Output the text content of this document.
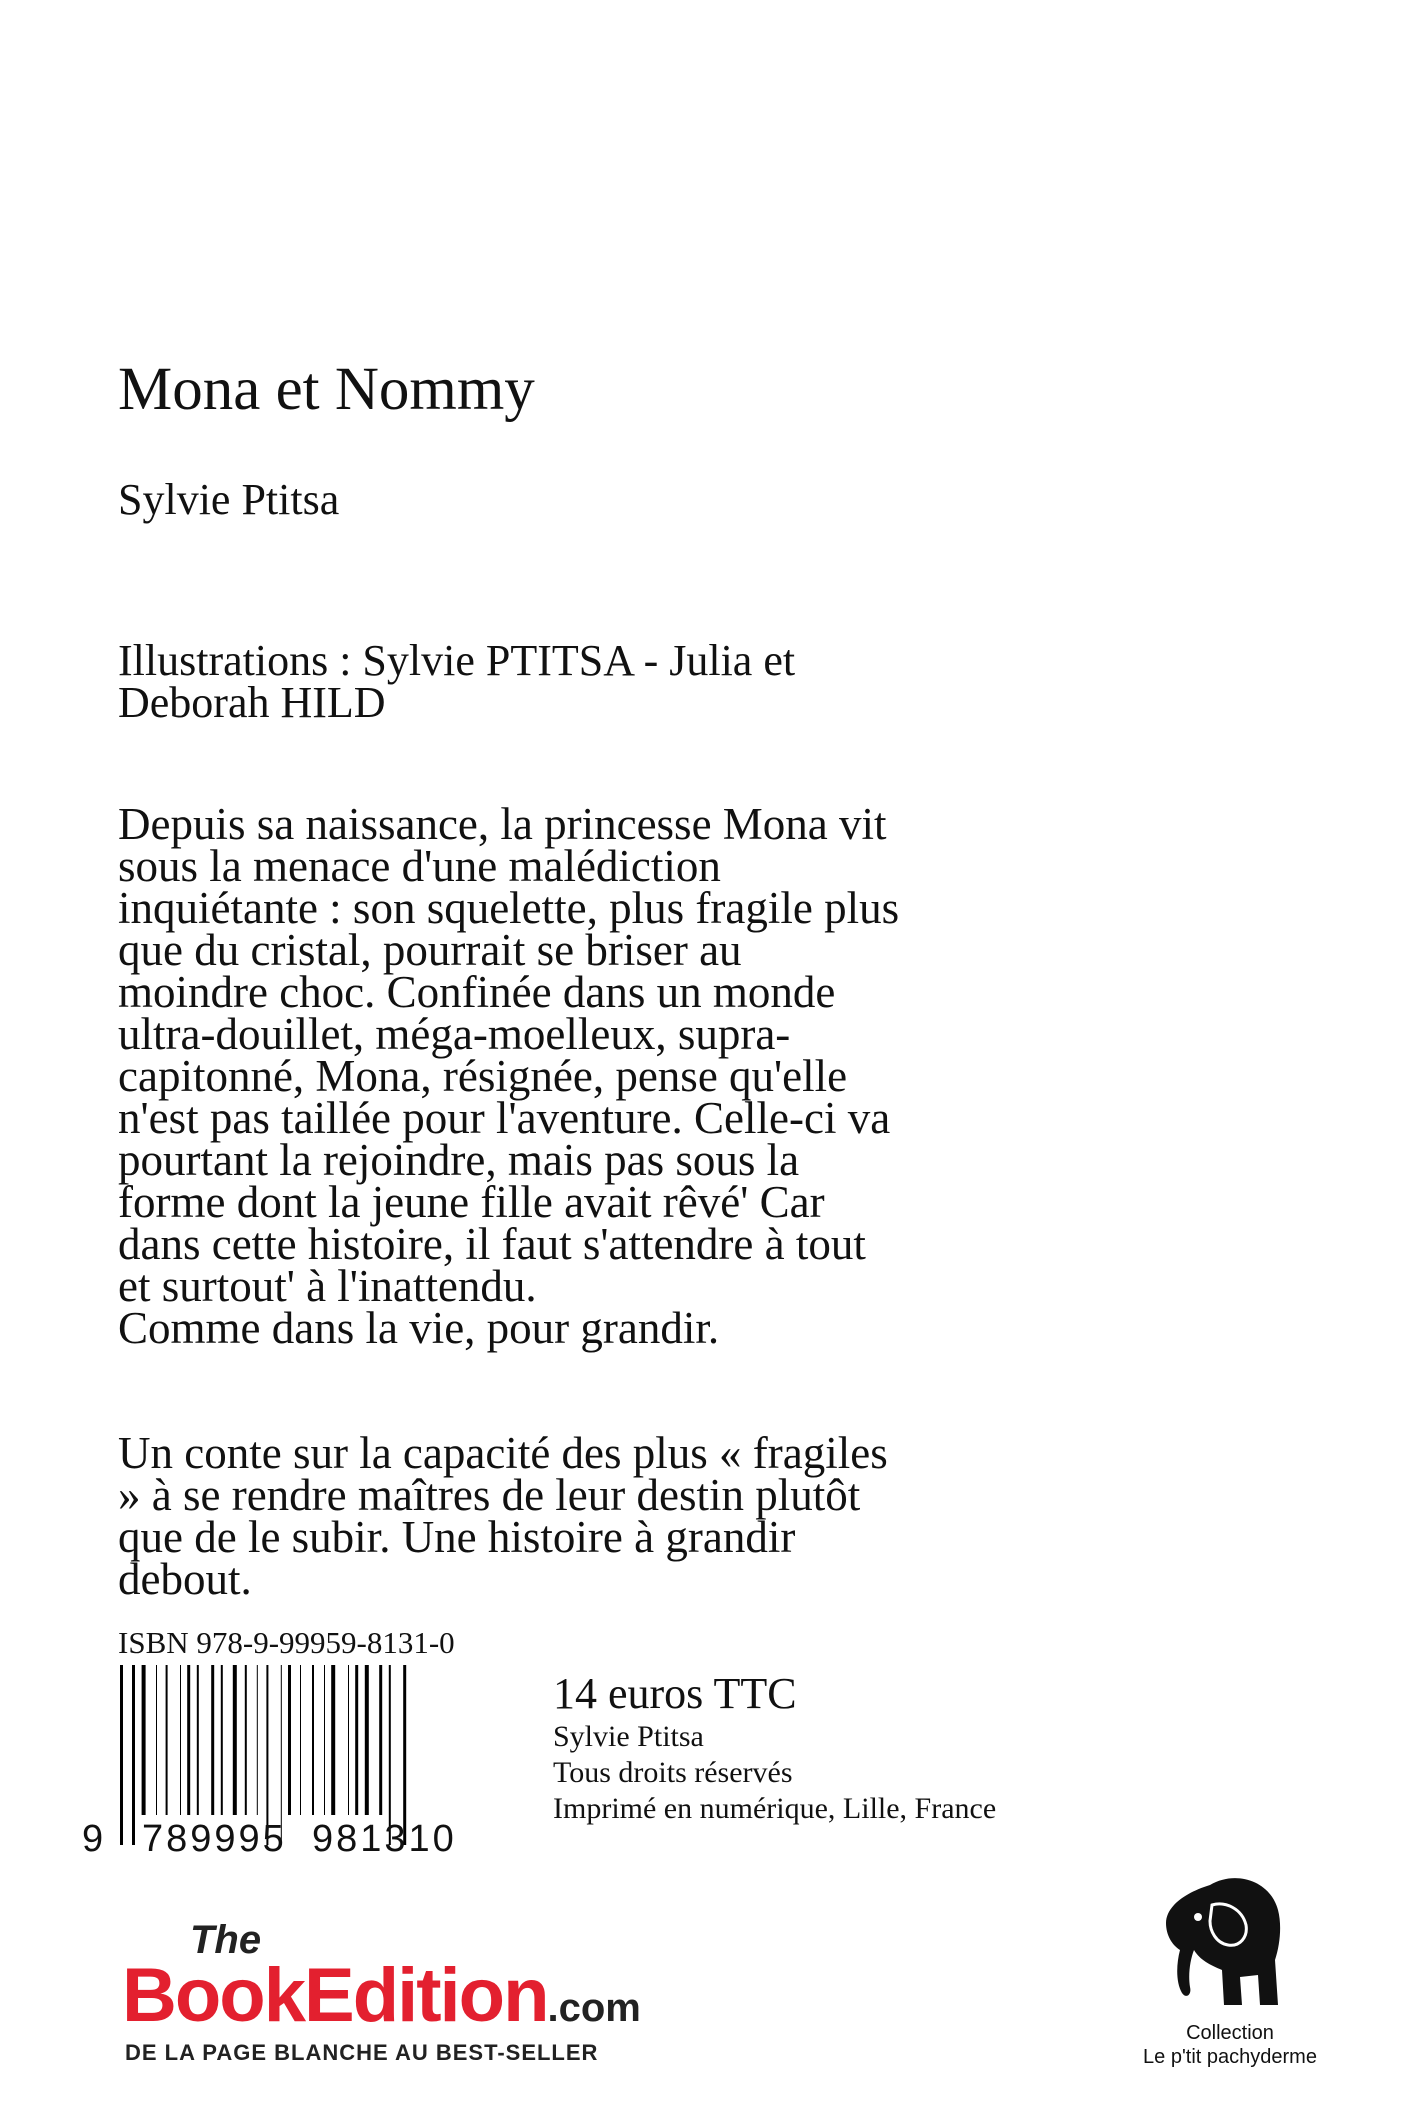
Mona et Nommy
Sylvie Ptitsa
Illustrations : Sylvie PTITSA - Julia et
Deborah HILD
Depuis sa naissance, la princesse Mona vit
sous la menace d'une malédiction
inquiétante : son squelette, plus fragile plus
que du cristal, pourrait se briser au
moindre choc. Confinée dans un monde
ultra-douillet, méga-moelleux, supra-
capitonné, Mona, résignée, pense qu'elle
n'est pas taillée pour l'aventure. Celle-ci va
pourtant la rejoindre, mais pas sous la
forme dont la jeune fille avait rêvé' Car
dans cette histoire, il faut s'attendre à tout
et surtout' à l'inattendu.
Comme dans la vie, pour grandir.
Un conte sur la capacité des plus « fragiles
» à se rendre maîtres de leur destin plutôt
que de le subir. Une histoire à grandir
debout.
ISBN 978-9-99959-8131-0
9 789995 981310
14 euros TTC
Sylvie Ptitsa
Tous droits réservés
Imprimé en numérique, Lille, France
The
BookEdition.com
DE LA PAGE BLANCHE AU BEST-SELLER
Collection
Le p'tit pachyderme
